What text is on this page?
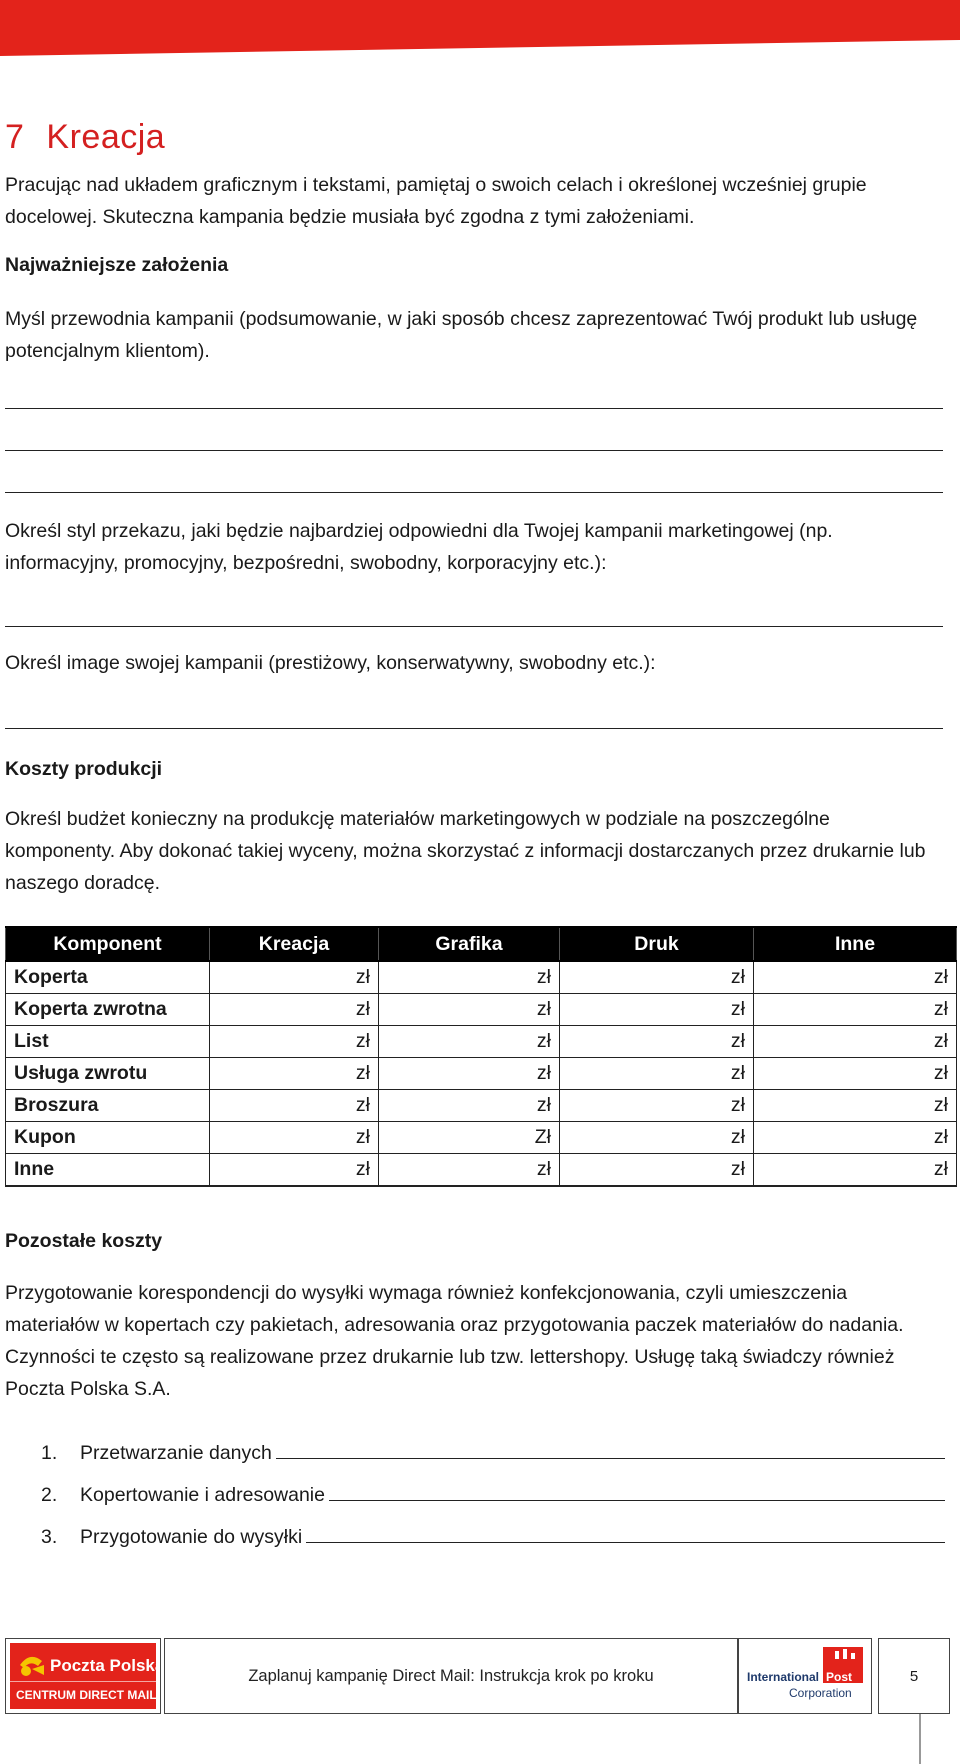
7 Kreacja

Pracując nad układem graficznym i tekstami, pamiętaj o swoich celach i określonej wcześniej grupie docelowej. Skuteczna kampania będzie musiała być zgodna z tymi założeniami.

Najważniejsze założenia

Myśl przewodnia kampanii (podsumowanie, w jaki sposób chcesz zaprezentować Twój produkt lub usługę potencjalnym klientom).

Określ styl przekazu, jaki będzie najbardziej odpowiedni dla Twojej kampanii marketingowej (np. informacyjny, promocyjny, bezpośredni, swobodny, korporacyjny etc.):

Określ image swojej kampanii (prestiżowy, konserwatywny, swobodny etc.):

Koszty produkcji

Określ budżet konieczny na produkcję materiałów marketingowych w podziale na poszczególne komponenty. Aby dokonać takiej wyceny, można skorzystać z informacji dostarczanych przez drukarnie lub naszego doradcę.

Komponent	Kreacja	Grafika	Druk	Inne
Koperta	zł	zł	zł	zł
Koperta zwrotna	zł	zł	zł	zł
List	zł	zł	zł	zł
Usługa zwrotu	zł	zł	zł	zł
Broszura	zł	zł	zł	zł
Kupon	zł	Zł	zł	zł
Inne	zł	zł	zł	zł

Pozostałe koszty

Przygotowanie korespondencji do wysyłki wymaga również konfekcjonowania, czyli umieszczenia materiałów w kopertach czy pakietach, adresowania oraz przygotowania paczek materiałów do nadania. Czynności te często są realizowane przez drukarnie lub tzw. lettershopy. Usługę taką świadczy również Poczta Polska S.A.

1.	Przetwarzanie danych
2.	Kopertowanie i adresowanie
3.	Przygotowanie do wysyłki
Poczta Polska
CENTRUM DIRECT MAIL
Zaplanuj kampanię Direct Mail: Instrukcja krok po kroku	International Post
Corporation
5
